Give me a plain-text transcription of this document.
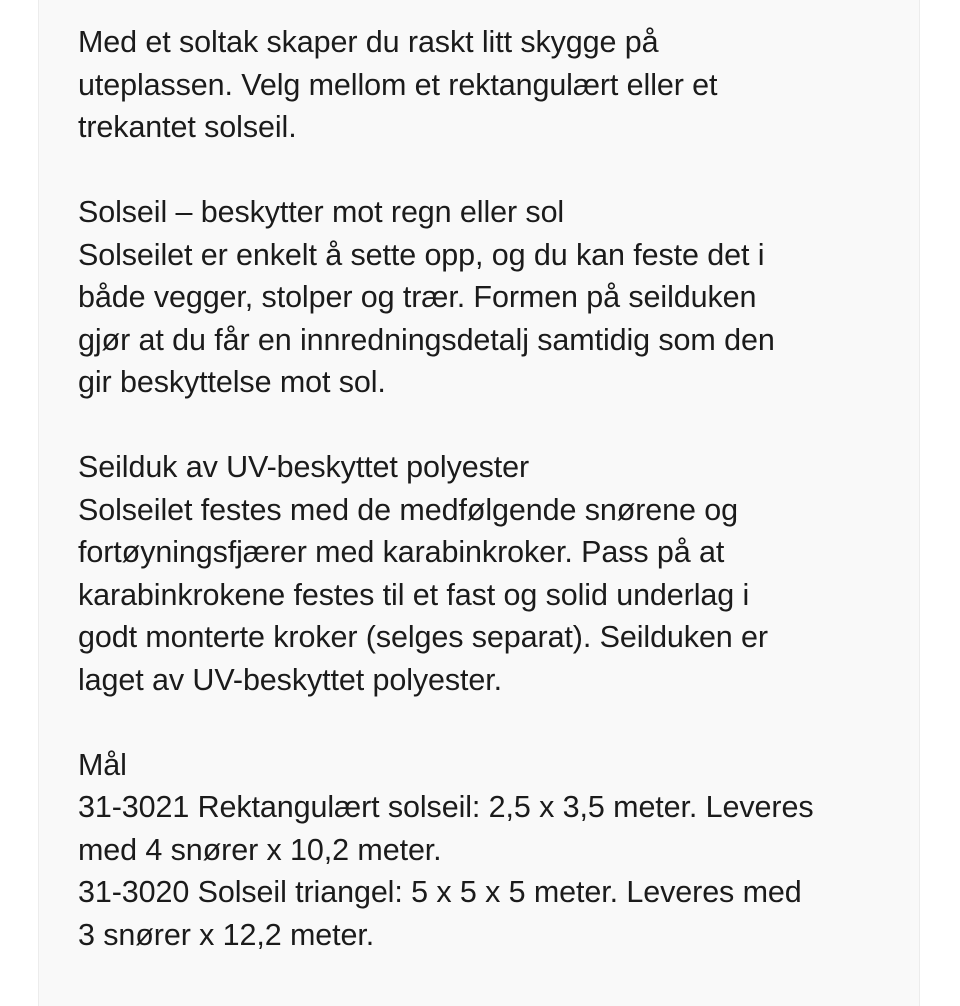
Med et soltak skaper du raskt litt skygge på
uteplassen. Velg mellom et rektangulært eller et
trekantet solseil.

Solseil – beskytter mot regn eller sol
Solseilet er enkelt å sette opp, og du kan feste det i
både vegger, stolper og trær. Formen på seilduken
gjør at du får en innredningsdetalj samtidig som den
gir beskyttelse mot sol.

Seilduk av UV-beskyttet polyester
Solseilet festes med de medfølgende snørene og
fortøyningsfjærer med karabinkroker. Pass på at
karabinkrokene festes til et fast og solid underlag i
godt monterte kroker (selges separat). Seilduken er
laget av UV-beskyttet polyester.

Mål
31-3021 Rektangulært solseil: 2,5 x 3,5 meter. Leveres
med 4 snører x 10,2 meter.
31-3020 Solseil triangel: 5 x 5 x 5 meter. Leveres med
3 snører x 12,2 meter.
